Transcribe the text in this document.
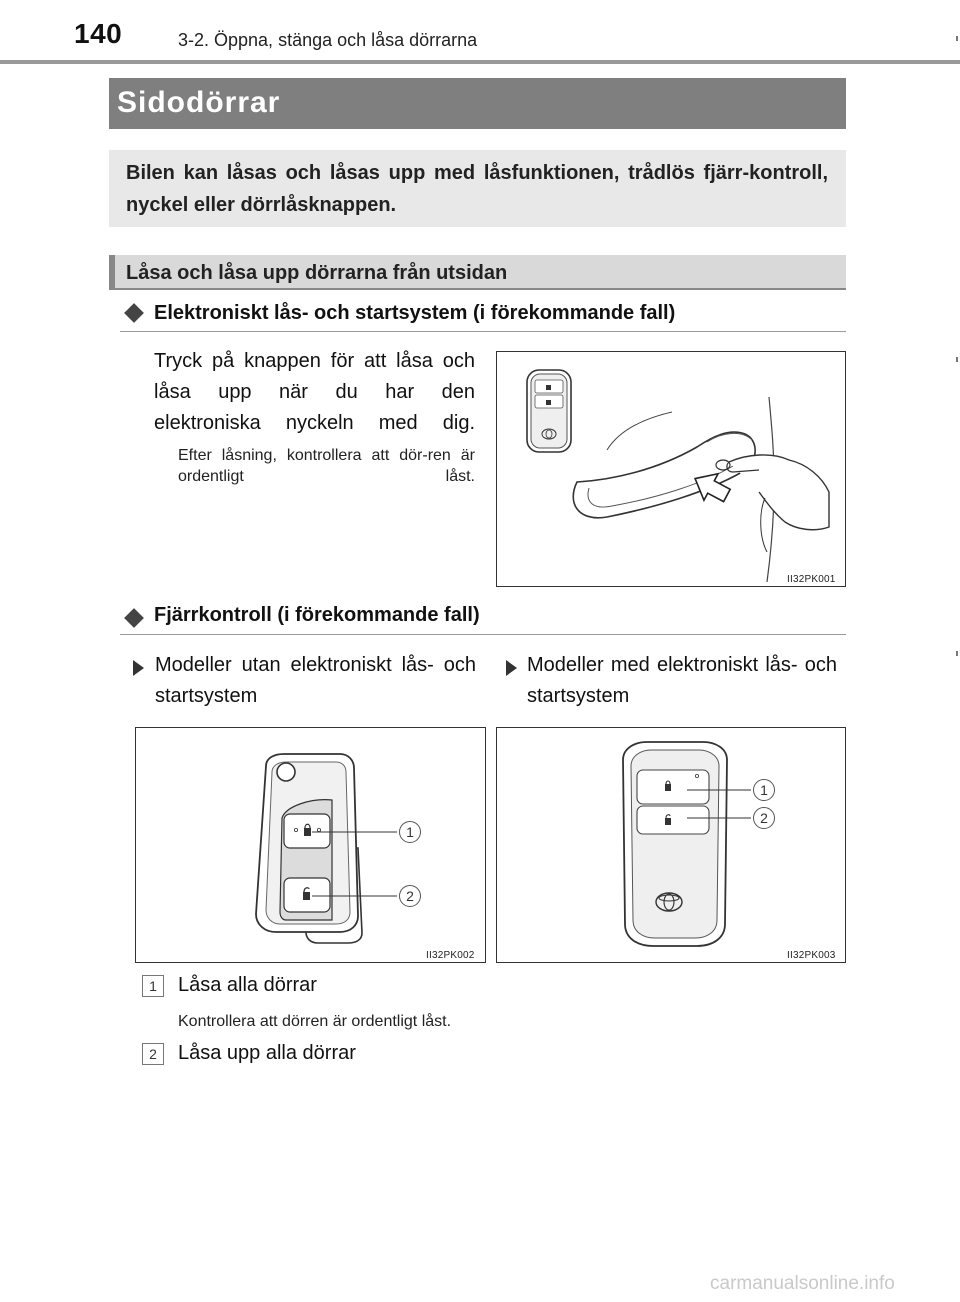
140	3-2. Öppna, stänga och låsa dörrarna
Sidodörrar
Bilen kan låsas och låsas upp med låsfunktionen, trådlös fjärr-kontroll, nyckel eller dörrlåsknappen.
Låsa och låsa upp dörrarna från utsidan
Elektroniskt lås- och startsystem (i förekommande fall)
Tryck på knappen för att låsa och låsa upp när du har den elektroniska nyckeln med dig.
Efter låsning, kontrollera att dör-ren är ordentligt låst.
II32PK001
Fjärrkontroll (i förekommande fall)
Modeller utan elektroniskt lås- och startsystem
Modeller med elektroniskt lås- och startsystem
1
2
II32PK002
1
2
II32PK003
1	Låsa alla dörrar
Kontrollera att dörren är ordentligt låst.
2	Låsa upp alla dörrar
carmanualsonline.info
